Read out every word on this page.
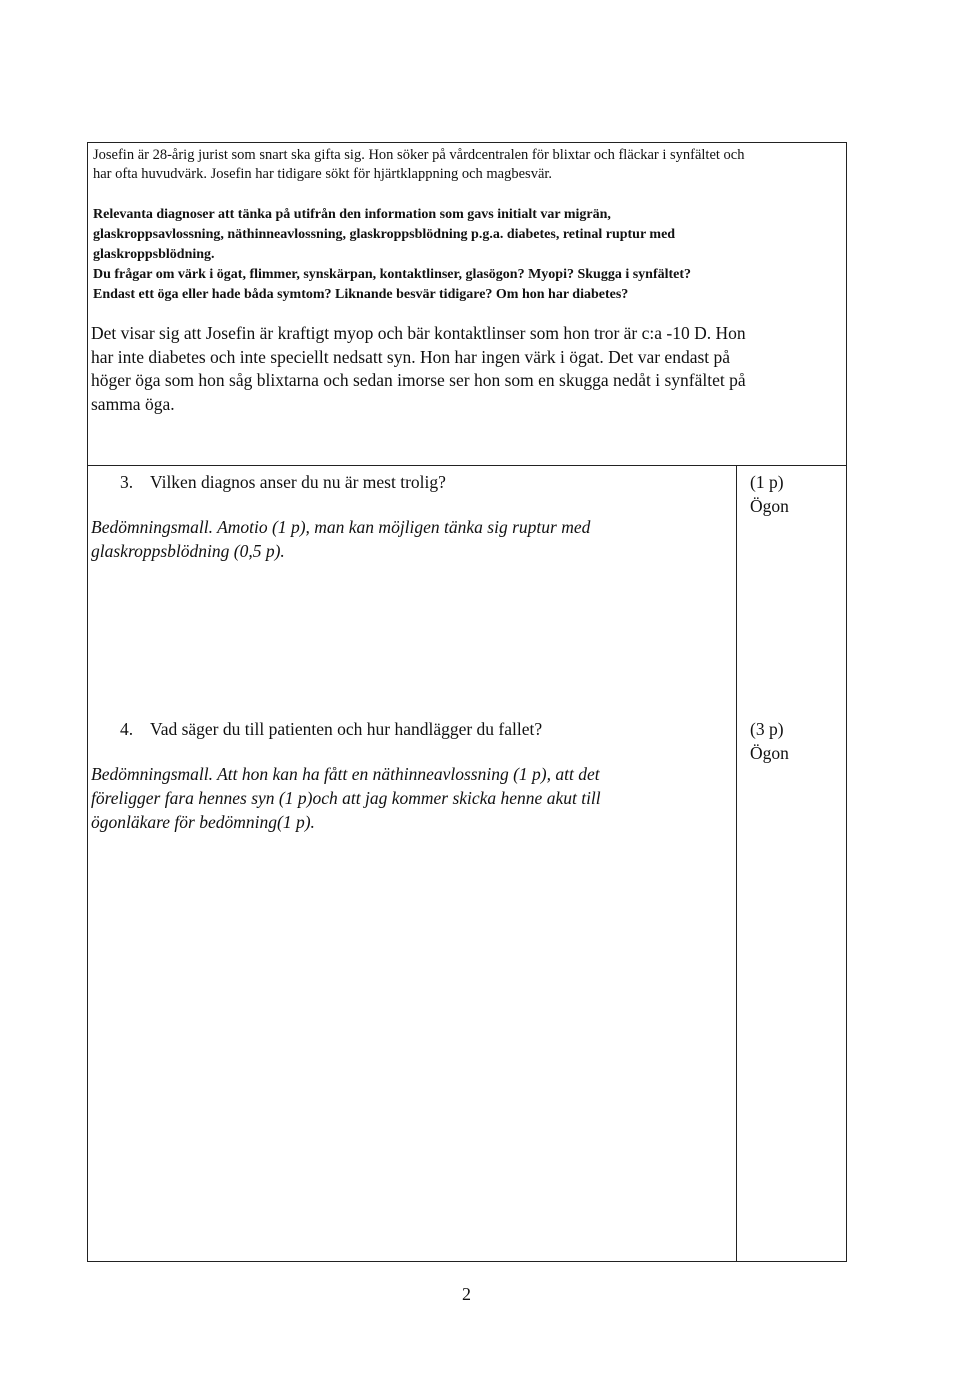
Josefin är 28-årig jurist som snart ska gifta sig. Hon söker på vårdcentralen för blixtar och fläckar i synfältet och
har ofta huvudvärk. Josefin har tidigare sökt för hjärtklappning och magbesvär.
Relevanta diagnoser att tänka på utifrån den information som gavs initialt var migrän,
glaskroppsavlossning, näthinneavlossning, glaskroppsblödning p.g.a. diabetes, retinal ruptur med
glaskroppsblödning.
Du frågar om värk i ögat, flimmer, synskärpan, kontaktlinser, glasögon? Myopi? Skugga i synfältet?
Endast ett öga eller hade båda symtom? Liknande besvär tidigare? Om hon har diabetes?
Det visar sig att Josefin är kraftigt myop och bär kontaktlinser som hon tror är c:a -10 D. Hon
har inte diabetes och inte speciellt nedsatt syn. Hon har ingen värk i ögat. Det var endast på
höger öga som hon såg blixtarna och sedan imorse ser hon som en skugga nedåt i synfältet på
samma öga.
3. Vilken diagnos anser du nu är mest trolig?	(1 p)
Ögon
Bedömningsmall. Amotio (1 p), man kan möjligen tänka sig ruptur med
glaskroppsblödning (0,5 p).
4. Vad säger du till patienten och hur handlägger du fallet?	(3 p)
Ögon
Bedömningsmall. Att hon kan ha fått en näthinneavlossning (1 p), att det
föreligger fara hennes syn (1 p)och att jag kommer skicka henne akut till
ögonläkare för bedömning(1 p).
2
